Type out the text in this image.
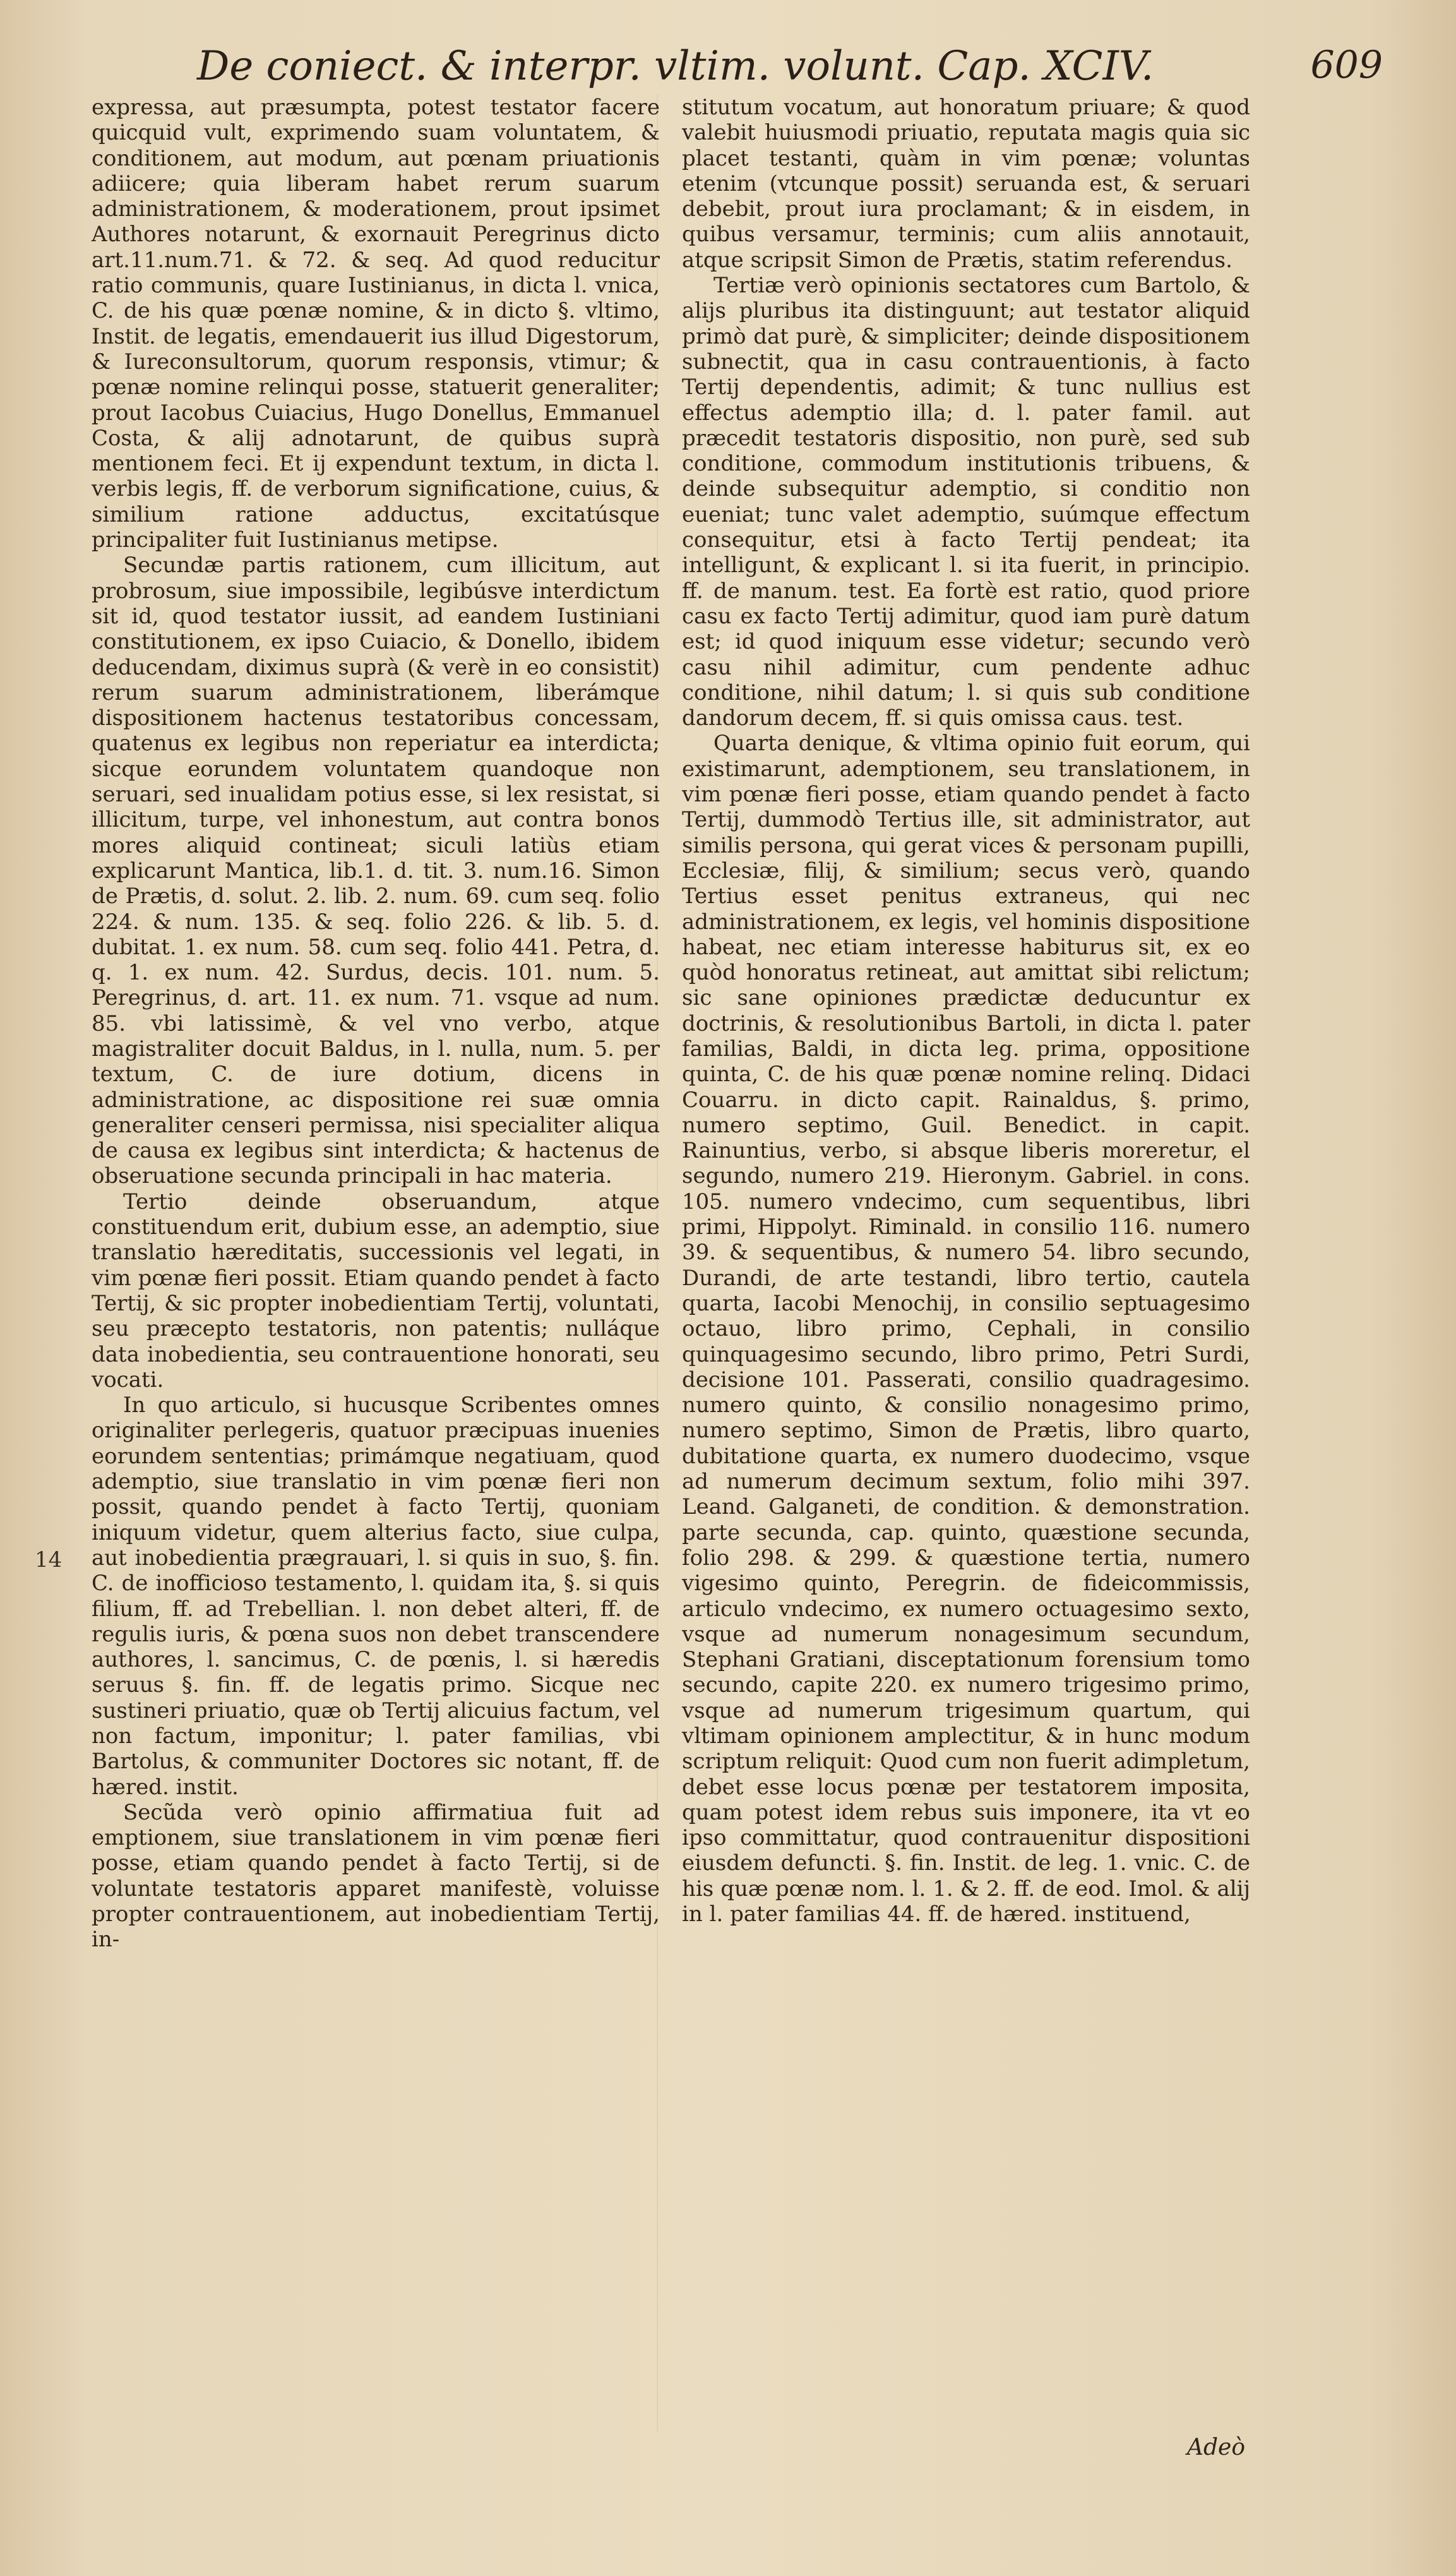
De coniect. & interpr. vltim. volunt. Cap. XCIV.	609

expressa, aut præsumpta, potest testator facere quicquid vult, exprimendo suam voluntatem, & conditionem, aut modum, aut pœnam priuationis adiicere; quia liberam habet rerum suarum administrationem, & moderationem, prout ipsimet Authores notarunt, & exornauit Peregrinus dicto art.11.num.71. & 72. & seq. Ad quod reducitur ratio communis, quare Iustinianus, in dicta l. vnica, C. de his quæ pœnæ nomine, & in dicto §. vltimo, Instit. de legatis, emendauerit ius illud Digestorum, & Iureconsultorum, quorum responsis, vtimur; & pœnæ nomine relinqui posse, statuerit generaliter; prout Iacobus Cuiacius, Hugo Donellus, Emmanuel Costa, & alij adnotarunt, de quibus suprà mentionem feci. Et ij expendunt textum, in dicta l. verbis legis, ff. de verborum significatione, cuius, & similium ratione adductus, excitatúsque principaliter fuit Iustinianus metipse.

Secundæ partis rationem, cum illicitum, aut probrosum, siue impossibile, legibúsve interdictum sit id, quod testator iussit, ad eandem Iustiniani constitutionem, ex ipso Cuiacio, & Donello, ibidem deducendam, diximus suprà (& verè in eo consistit) rerum suarum administrationem, liberámque dispositionem hactenus testatoribus concessam, quatenus ex legibus non reperiatur ea interdicta; sicque eorundem voluntatem quandoque non seruari, sed inualidam potius esse, si lex resistat, si illicitum, turpe, vel inhonestum, aut contra bonos mores aliquid contineat; siculi latiùs etiam explicarunt Mantica, lib.1. d. tit. 3. num.16. Simon de Prætis, d. solut. 2. lib. 2. num. 69. cum seq. folio 224. & num. 135. & seq. folio 226. & lib. 5. d. dubitat. 1. ex num. 58. cum seq. folio 441. Petra, d. q. 1. ex num. 42. Surdus, decis. 101. num. 5. Peregrinus, d. art. 11. ex num. 71. vsque ad num. 85. vbi latissimè, & vel vno verbo, atque magistraliter docuit Baldus, in l. nulla, num. 5. per textum, C. de iure dotium, dicens in administratione, ac dispositione rei suæ omnia generaliter censeri permissa, nisi specialiter aliqua de causa ex legibus sint interdicta; & hactenus de obseruatione secunda principali in hac materia.

Tertio deinde obseruandum, atque constituendum erit, dubium esse, an ademptio, siue translatio hæreditatis, successionis vel legati, in vim pœnæ fieri possit. Etiam quando pendet à facto Tertij, & sic propter inobedientiam Tertij, voluntati, seu præcepto testatoris, non patentis; nulláque data inobedientia, seu contrauentione honorati, seu vocati.

In quo articulo, si hucusque Scribentes omnes originaliter perlegeris, quatuor præcipuas inuenies eorundem sententias; primámque negatiuam, quod ademptio, siue translatio in vim pœnæ fieri non possit, quando pendet à facto Tertij, quoniam iniquum videtur, quem alterius facto, siue culpa, aut inobedientia prægrauari, l. si quis in suo, §. fin. C. de inofficioso testamento, l. quidam ita, §. si quis filium, ff. ad Trebellian. l. non debet alteri, ff. de regulis iuris, & pœna suos non debet transcendere authores, l. sancimus, C. de pœnis, l. si hæredis seruus §. fin. ff. de legatis primo. Sicque nec sustineri priuatio, quæ ob Tertij alicuius factum, vel non factum, imponitur; l. pater familias, vbi Bartolus, & communiter Doctores sic notant, ff. de hæred. instit.

Secũda verò opinio affirmatiua fuit ad emptionem, siue translationem in vim pœnæ fieri posse, etiam quando pendet à facto Tertij, si de voluntate testatoris apparet manifestè, voluisse propter contrauentionem, aut inobedientiam Tertij, in-

14

stitutum vocatum, aut honoratum priuare; & quod valebit huiusmodi priuatio, reputata magis quia sic placet testanti, quàm in vim pœnæ; voluntas etenim (vtcunque possit) seruanda est, & seruari debebit, prout iura proclamant; & in eisdem, in quibus versamur, terminis; cum aliis annotauit, atque scripsit Simon de Prætis, statim referendus.

Tertiæ verò opinionis sectatores cum Bartolo, & alijs pluribus ita distinguunt; aut testator aliquid primò dat purè, & simpliciter; deinde dispositionem subnectit, qua in casu contrauentionis, à facto Tertij dependentis, adimit; & tunc nullius est effectus ademptio illa; d. l. pater famil. aut præcedit testatoris dispositio, non purè, sed sub conditione, commodum institutionis tribuens, & deinde subsequitur ademptio, si conditio non eueniat; tunc valet ademptio, suúmque effectum consequitur, etsi à facto Tertij pendeat; ita intelligunt, & explicant l. si ita fuerit, in principio. ff. de manum. test. Ea fortè est ratio, quod priore casu ex facto Tertij adimitur, quod iam purè datum est; id quod iniquum esse videtur; secundo verò casu nihil adimitur, cum pendente adhuc conditione, nihil datum; l. si quis sub conditione dandorum decem, ff. si quis omissa caus. test.

Quarta denique, & vltima opinio fuit eorum, qui existimarunt, ademptionem, seu translationem, in vim pœnæ fieri posse, etiam quando pendet à facto Tertij, dummodò Tertius ille, sit administrator, aut similis persona, qui gerat vices & personam pupilli, Ecclesiæ, filij, & similium; secus verò, quando Tertius esset penitus extraneus, qui nec administrationem, ex legis, vel hominis dispositione habeat, nec etiam interesse habiturus sit, ex eo quòd honoratus retineat, aut amittat sibi relictum; sic sane opiniones prædictæ deducuntur ex doctrinis, & resolutionibus Bartoli, in dicta l. pater familias, Baldi, in dicta leg. prima, oppositione quinta, C. de his quæ pœnæ nomine relinq. Didaci Couarru. in dicto capit. Rainaldus, §. primo, numero septimo, Guil. Benedict. in capit. Rainuntius, verbo, si absque liberis moreretur, el segundo, numero 219. Hieronym. Gabriel. in cons. 105. numero vndecimo, cum sequentibus, libri primi, Hippolyt. Riminald. in consilio 116. numero 39. & sequentibus, & numero 54. libro secundo, Durandi, de arte testandi, libro tertio, cautela quarta, Iacobi Menochij, in consilio septuagesimo octauo, libro primo, Cephali, in consilio quinquagesimo secundo, libro primo, Petri Surdi, decisione 101. Passerati, consilio quadragesimo. numero quinto, & consilio nonagesimo primo, numero septimo, Simon de Prætis, libro quarto, dubitatione quarta, ex numero duodecimo, vsque ad numerum decimum sextum, folio mihi 397. Leand. Galganeti, de condition. & demonstration. parte secunda, cap. quinto, quæstione secunda, folio 298. & 299. & quæstione tertia, numero vigesimo quinto, Peregrin. de fideicommissis, articulo vndecimo, ex numero octuagesimo sexto, vsque ad numerum nonagesimum secundum, Stephani Gratiani, disceptationum forensium tomo secundo, capite 220. ex numero trigesimo primo, vsque ad numerum trigesimum quartum, qui vltimam opinionem amplectitur, & in hunc modum scriptum reliquit: Quod cum non fuerit adimpletum, debet esse locus pœnæ per testatorem imposita, quam potest idem rebus suis imponere, ita vt eo ipso committatur, quod contrauenitur dispositioni eiusdem defuncti. §. fin. Instit. de leg. 1. vnic. C. de his quæ pœnæ nom. l. 1. & 2. ff. de eod. Imol. & alij in l. pater familias 44. ff. de hæred. instituend,

Adeò
